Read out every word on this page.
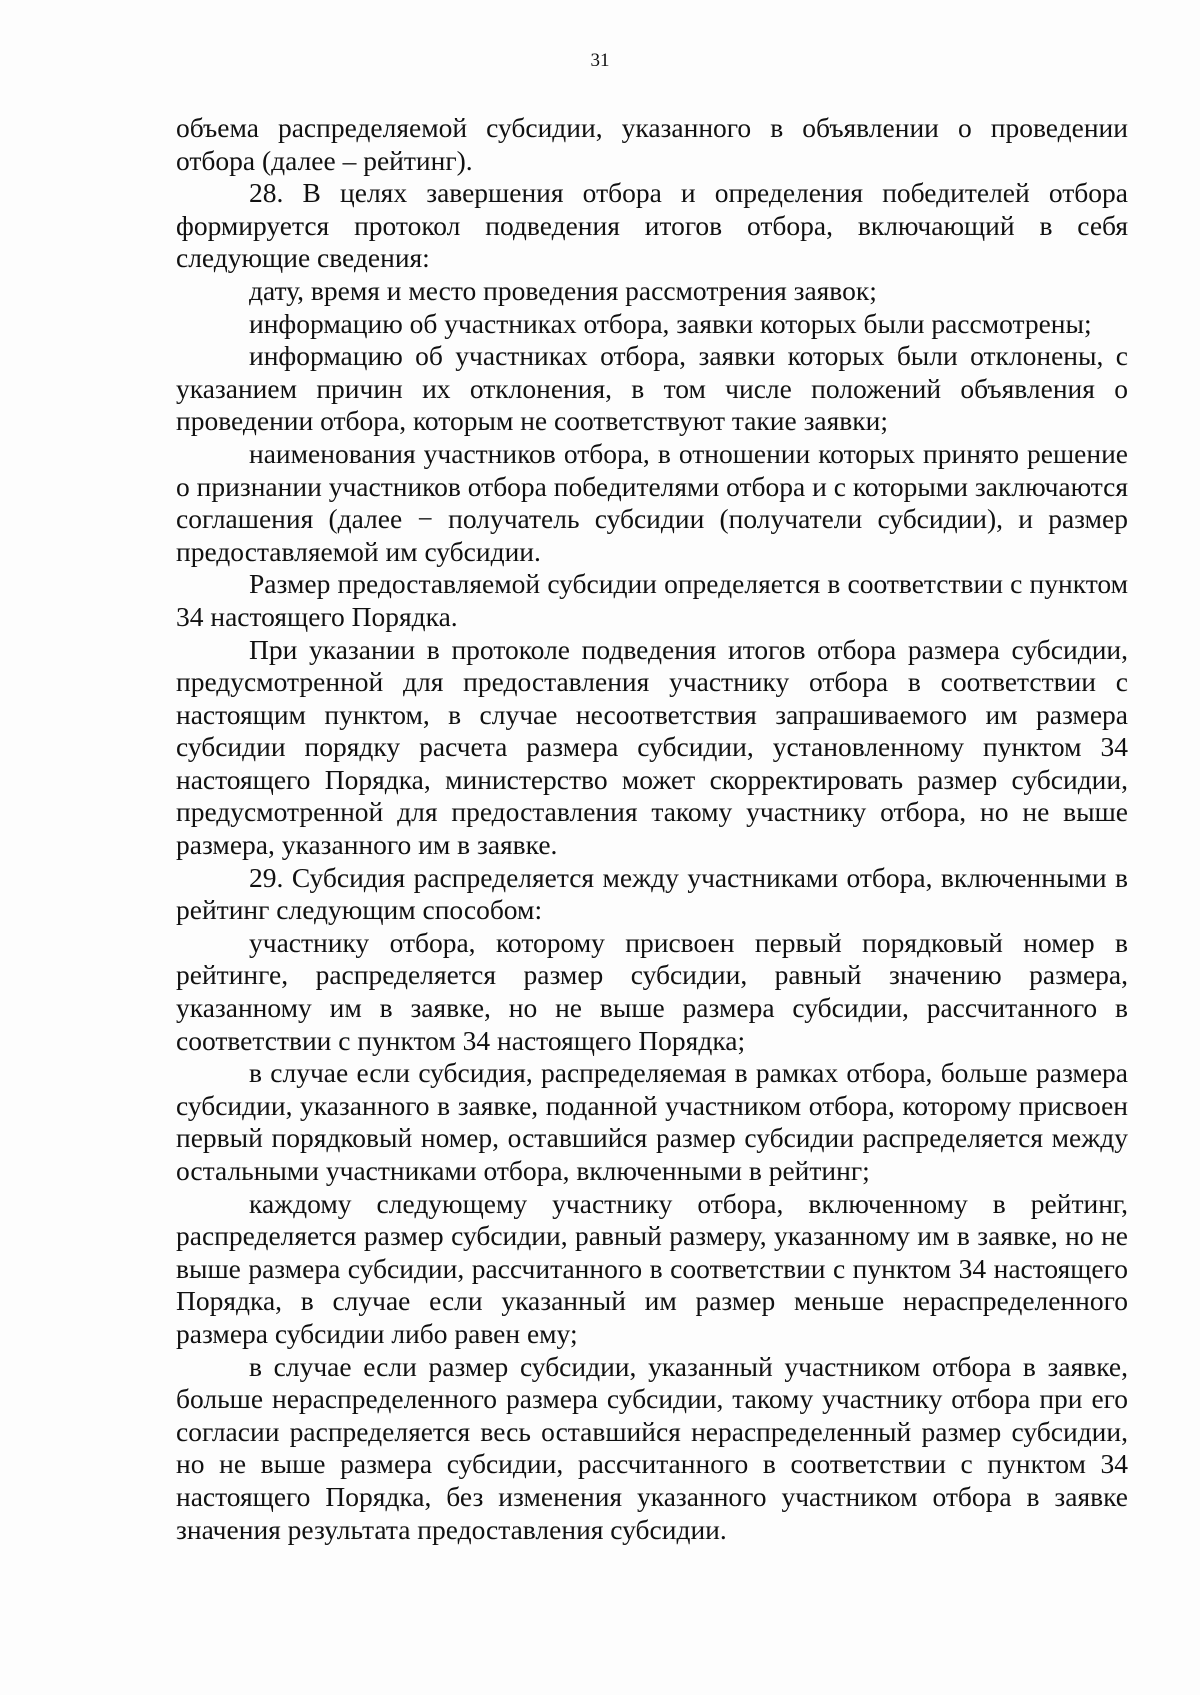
31

объема распределяемой субсидии, указанного в объявлении о проведении отбора (далее – рейтинг).

28. В целях завершения отбора и определения победителей отбора формируется протокол подведения итогов отбора, включающий в себя следующие сведения:

дату, время и место проведения рассмотрения заявок;

информацию об участниках отбора, заявки которых были рассмотрены;

информацию об участниках отбора, заявки которых были отклонены, с указанием причин их отклонения, в том числе положений объявления о проведении отбора, которым не соответствуют такие заявки;

наименования участников отбора, в отношении которых принято решение о признании участников отбора победителями отбора и с которыми заключаются соглашения (далее − получатель субсидии (получатели субсидии), и размер предоставляемой им субсидии.

Размер предоставляемой субсидии определяется в соответствии с пунктом 34 настоящего Порядка.

При указании в протоколе подведения итогов отбора размера субсидии, предусмотренной для предоставления участнику отбора в соответствии с настоящим пунктом, в случае несоответствия запрашиваемого им размера субсидии порядку расчета размера субсидии, установленному пунктом 34 настоящего Порядка, министерство может скорректировать размер субсидии, предусмотренной для предоставления такому участнику отбора, но не выше размера, указанного им в заявке.

29. Субсидия распределяется между участниками отбора, включенными в рейтинг следующим способом:

участнику отбора, которому присвоен первый порядковый номер в рейтинге, распределяется размер субсидии, равный значению размера, указанному им в заявке, но не выше размера субсидии, рассчитанного в соответствии с пунктом 34 настоящего Порядка;

в случае если субсидия, распределяемая в рамках отбора, больше размера субсидии, указанного в заявке, поданной участником отбора, которому присвоен первый порядковый номер, оставшийся размер субсидии распределяется между остальными участниками отбора, включенными в рейтинг;

каждому следующему участнику отбора, включенному в рейтинг, распределяется размер субсидии, равный размеру, указанному им в заявке, но не выше размера субсидии, рассчитанного в соответствии с пунктом 34 настоящего Порядка, в случае если указанный им размер меньше нераспределенного размера субсидии либо равен ему;

в случае если размер субсидии, указанный участником отбора в заявке, больше нераспределенного размера субсидии, такому участнику отбора при его согласии распределяется весь оставшийся нераспределенный размер субсидии, но не выше размера субсидии, рассчитанного в соответствии с пунктом 34 настоящего Порядка, без изменения указанного участником отбора в заявке значения результата предоставления субсидии.
